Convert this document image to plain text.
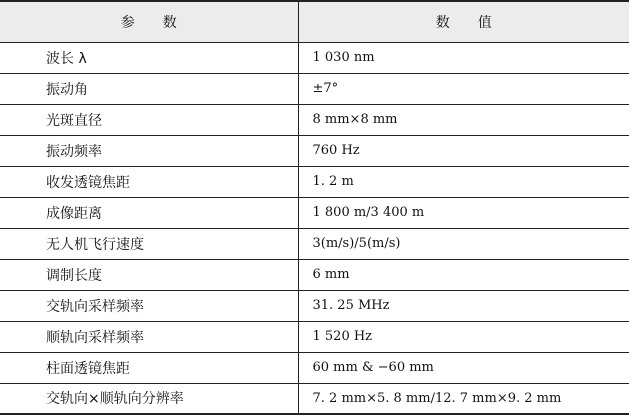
参　　数	数　　值
波长 λ	1 030 nm
振动角	±7°
光斑直径	8 mm×8 mm
振动频率	760 Hz
收发透镜焦距	1. 2 m
成像距离	1 800 m/3 400 m
无人机飞行速度	3(m/s)/5(m/s)
调制长度	6 mm
交轨向采样频率	31. 25 MHz
顺轨向采样频率	1 520 Hz
柱面透镜焦距	60 mm & −60 mm
交轨向×顺轨向分辨率	7. 2 mm×5. 8 mm/12. 7 mm×9. 2 mm
